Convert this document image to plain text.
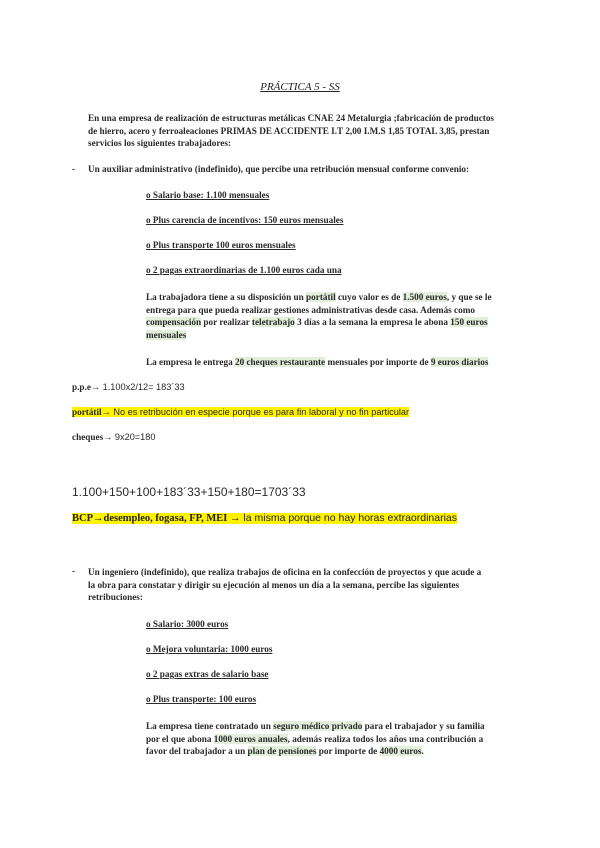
PRÁCTICA 5 - SS
En una empresa de realización de estructuras metálicas CNAE 24 Metalurgia ;fabricación de productos
de hierro, acero y ferroaleaciones PRIMAS DE ACCIDENTE I.T 2,00 I.M.S 1,85 TOTAL 3,85, prestan
servicios los siguientes trabajadores:
- Un auxiliar administrativo (indefinido), que percibe una retribución mensual conforme convenio:
o Salario base: 1.100 mensuales
o Plus carencia de incentivos: 150 euros mensuales
o Plus transporte 100 euros mensuales
o 2 pagas extraordinarias de 1.100 euros cada una
La trabajadora tiene a su disposición un portátil cuyo valor es de 1.500 euros, y que se le
entrega para que pueda realizar gestiones administrativas desde casa. Además como
compensación por realizar teletrabajo 3 días a la semana la empresa le abona 150 euros
mensuales
La empresa le entrega 20 cheques restaurante mensuales por importe de 9 euros diarios
p.p.e→ 1.100x2/12= 183´33
portátil→ No es retribución en especie porque es para fin laboral y no fin particular
cheques→ 9x20=180
1.100+150+100+183´33+150+180=1703´33
BCP→desempleo, fogasa, FP, MEI → la misma porque no hay horas extraordinarias
- Un ingeniero (indefinido), que realiza trabajos de oficina en la confección de proyectos y que acude a
la obra para constatar y dirigir su ejecución al menos un día a la semana, percibe las siguientes
retribuciones:
o Salario: 3000 euros
o Mejora voluntaria: 1000 euros
o 2 pagas extras de salario base
o Plus transporte: 100 euros
La empresa tiene contratado un seguro médico privado para el trabajador y su familia
por el que abona 1000 euros anuales, además realiza todos los años una contribución a
favor del trabajador a un plan de pensiones por importe de 4000 euros.
